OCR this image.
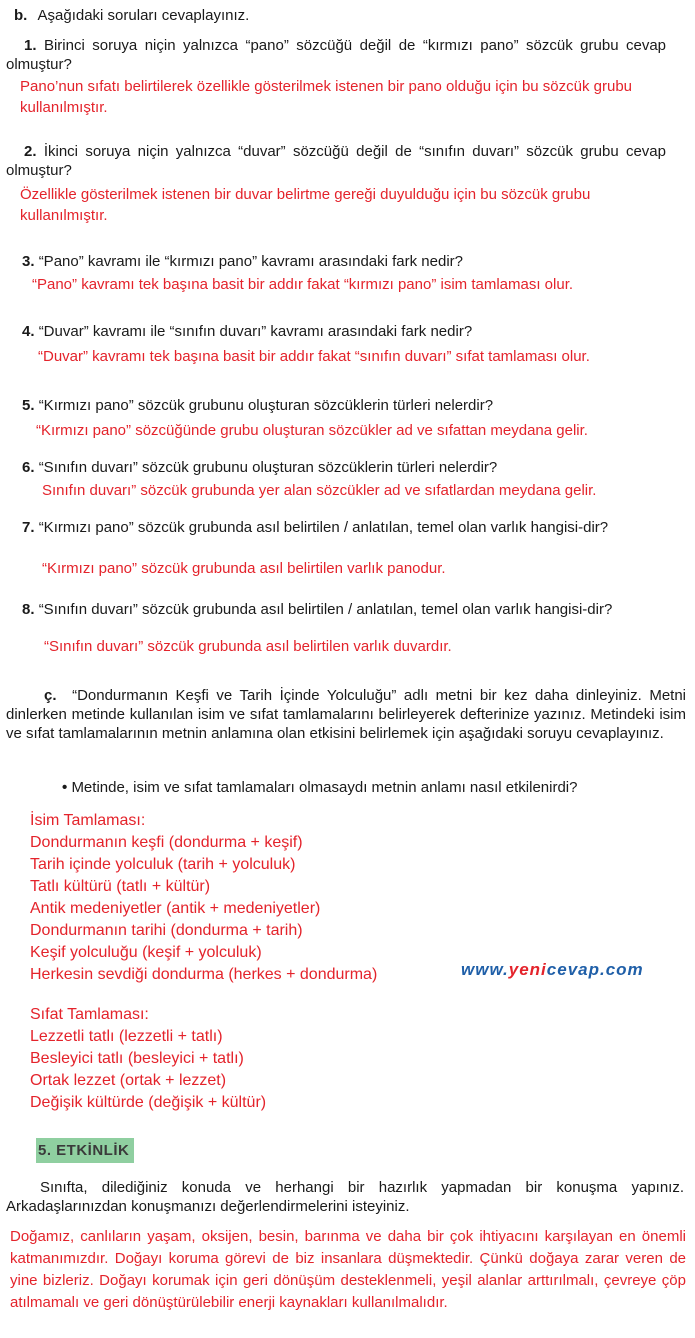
b. Aşağıdaki soruları cevaplayınız.
1. Birinci soruya niçin yalnızca “pano” sözcüğü değil de “kırmızı pano” sözcük grubu cevap olmuştur?
Pano’nun sıfatı belirtilerek özellikle gösterilmek istenen bir pano olduğu için bu sözcük grubu kullanılmıştır.
2. İkinci soruya niçin yalnızca “duvar” sözcüğü değil de “sınıfın duvarı” sözcük grubu cevap olmuştur?
Özellikle gösterilmek istenen bir duvar belirtme gereği duyulduğu için bu sözcük grubu kullanılmıştır.
3. “Pano” kavramı ile “kırmızı pano” kavramı arasındaki fark nedir?
“Pano” kavramı tek başına basit bir addır fakat “kırmızı pano” isim tamlaması olur.
4. “Duvar” kavramı ile “sınıfın duvarı” kavramı arasındaki fark nedir?
“Duvar” kavramı tek başına basit bir addır fakat “sınıfın duvarı” sıfat tamlaması olur.
5. “Kırmızı pano” sözcük grubunu oluşturan sözcüklerin türleri nelerdir?
“Kırmızı pano” sözcüğünde grubu oluşturan sözcükler ad ve sıfattan meydana gelir.
6. “Sınıfın duvarı” sözcük grubunu oluşturan sözcüklerin türleri nelerdir?
Sınıfın duvarı” sözcük grubunda yer alan sözcükler ad ve sıfatlardan meydana gelir.
7. “Kırmızı pano” sözcük grubunda asıl belirtilen / anlatılan, temel olan varlık hangisi-dir?
“Kırmızı pano” sözcük grubunda asıl belirtilen varlık panodur.
8. “Sınıfın duvarı” sözcük grubunda asıl belirtilen / anlatılan, temel olan varlık hangisi-dir?
“Sınıfın duvarı” sözcük grubunda asıl belirtilen varlık duvardır.
ç. “Dondurmanın Keşfi ve Tarih İçinde Yolculuğu” adlı metni bir kez daha dinleyiniz. Metni dinlerken metinde kullanılan isim ve sıfat tamlamalarını belirleyerek defterinize yazınız. Metindeki isim ve sıfat tamlamalarının metnin anlamına olan etkisini belirlemek için aşağıdaki soruyu cevaplayınız.
• Metinde, isim ve sıfat tamlamaları olmasaydı metnin anlamı nasıl etkilenirdi?
İsim Tamlaması:
Dondurmanın keşfi (dondurma + keşif)
Tarih içinde yolculuk (tarih + yolculuk)
Tatlı kültürü (tatlı + kültür)
Antik medeniyetler (antik + medeniyetler)
Dondurmanın tarihi (dondurma + tarih)
Keşif yolculuğu (keşif + yolculuk)
Herkesin sevdiği dondurma (herkes + dondurma)	www.yenicevap.com
Sıfat Tamlaması:
Lezzetli tatlı (lezzetli + tatlı)
Besleyici tatlı (besleyici + tatlı)
Ortak lezzet (ortak + lezzet)
Değişik kültürde (değişik + kültür)
5. ETKİNLİK
Sınıfta, dilediğiniz konuda ve herhangi bir hazırlık yapmadan bir konuşma yapınız. Arkadaşlarınızdan konuşmanızı değerlendirmelerini isteyiniz.
Doğamız, canlıların yaşam, oksijen, besin, barınma ve daha bir çok ihtiyacını karşılayan en önemli katmanımızdır. Doğayı koruma görevi de biz insanlara düşmektedir. Çünkü doğaya zarar veren de yine bizleriz. Doğayı korumak için geri dönüşüm desteklenmeli, yeşil alanlar arttırılmalı, çevreye çöp atılmamalı ve geri dönüştürülebilir enerji kaynakları kullanılmalıdır.
